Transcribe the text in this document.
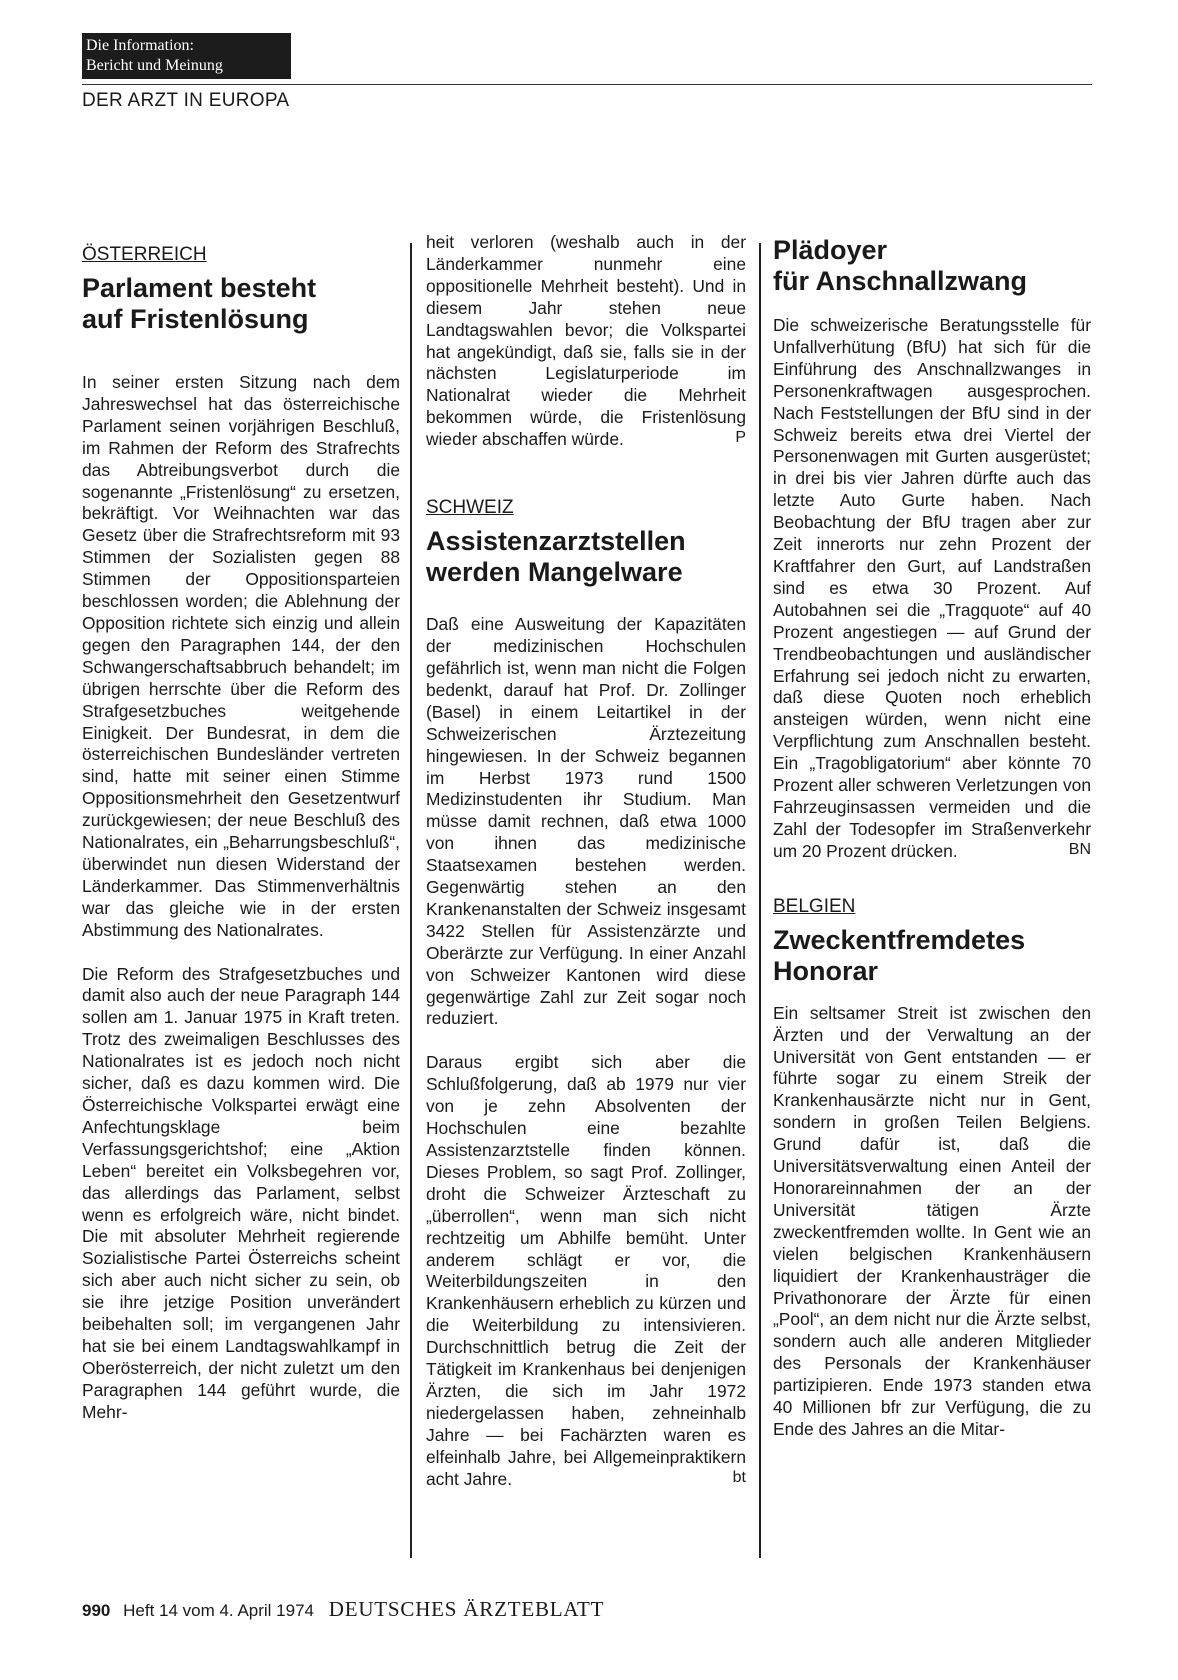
Die Information:
Bericht und Meinung
DER ARZT IN EUROPA
ÖSTERREICH
Parlament besteht
auf Fristenlösung

In seiner ersten Sitzung nach dem Jahreswechsel hat das österreichische Parlament seinen vorjährigen Beschluß, im Rahmen der Reform des Strafrechts das Abtreibungsverbot durch die sogenannte „Fristenlösung“ zu ersetzen, bekräftigt. Vor Weihnachten war das Gesetz über die Strafrechtsreform mit 93 Stimmen der Sozialisten gegen 88 Stimmen der Oppositionsparteien beschlossen worden; die Ablehnung der Opposition richtete sich einzig und allein gegen den Paragraphen 144, der den Schwangerschaftsabbruch behandelt; im übrigen herrschte über die Reform des Strafgesetzbuches weitgehende Einigkeit. Der Bundesrat, in dem die österreichischen Bundesländer vertreten sind, hatte mit seiner einen Stimme Oppositionsmehrheit den Gesetzentwurf zurückgewiesen; der neue Beschluß des Nationalrates, ein „Beharrungsbeschluß“, überwindet nun diesen Widerstand der Länderkammer. Das Stimmenverhältnis war das gleiche wie in der ersten Abstimmung des Nationalrates.

Die Reform des Strafgesetzbuches und damit also auch der neue Paragraph 144 sollen am 1. Januar 1975 in Kraft treten. Trotz des zweimaligen Beschlusses des Nationalrates ist es jedoch noch nicht sicher, daß es dazu kommen wird. Die Österreichische Volkspartei erwägt eine Anfechtungsklage beim Verfassungsgerichtshof; eine „Aktion Leben“ bereitet ein Volksbegehren vor, das allerdings das Parlament, selbst wenn es erfolgreich wäre, nicht bindet. Die mit absoluter Mehrheit regierende Sozialistische Partei Österreichs scheint sich aber auch nicht sicher zu sein, ob sie ihre jetzige Position unverändert beibehalten soll; im vergangenen Jahr hat sie bei einem Landtagswahlkampf in Oberösterreich, der nicht zuletzt um den Paragraphen 144 geführt wurde, die Mehr-

heit verloren (weshalb auch in der Länderkammer nunmehr eine oppositionelle Mehrheit besteht). Und in diesem Jahr stehen neue Landtagswahlen bevor; die Volkspartei hat angekündigt, daß sie, falls sie in der nächsten Legislaturperiode im Nationalrat wieder die Mehrheit bekommen würde, die Fristenlösung wieder abschaffen würde.	P
SCHWEIZ
Assistenzarztstellen
werden Mangelware

Daß eine Ausweitung der Kapazitäten der medizinischen Hochschulen gefährlich ist, wenn man nicht die Folgen bedenkt, darauf hat Prof. Dr. Zollinger (Basel) in einem Leitartikel in der Schweizerischen Ärztezeitung hingewiesen. In der Schweiz begannen im Herbst 1973 rund 1500 Medizinstudenten ihr Studium. Man müsse damit rechnen, daß etwa 1000 von ihnen das medizinische Staatsexamen bestehen werden. Gegenwärtig stehen an den Krankenanstalten der Schweiz insgesamt 3422 Stellen für Assistenzärzte und Oberärzte zur Verfügung. In einer Anzahl von Schweizer Kantonen wird diese gegenwärtige Zahl zur Zeit sogar noch reduziert.

Daraus ergibt sich aber die Schlußfolgerung, daß ab 1979 nur vier von je zehn Absolventen der Hochschulen eine bezahlte Assistenzarztstelle finden können. Dieses Problem, so sagt Prof. Zollinger, droht die Schweizer Ärzteschaft zu „überrollen“, wenn man sich nicht rechtzeitig um Abhilfe bemüht. Unter anderem schlägt er vor, die Weiterbildungszeiten in den Krankenhäusern erheblich zu kürzen und die Weiterbildung zu intensivieren. Durchschnittlich betrug die Zeit der Tätigkeit im Krankenhaus bei denjenigen Ärzten, die sich im Jahr 1972 niedergelassen haben, zehneinhalb Jahre — bei Fachärzten waren es elfeinhalb Jahre, bei Allgemeinpraktikern acht Jahre.	bt
Plädoyer
für Anschnallzwang

Die schweizerische Beratungsstelle für Unfallverhütung (BfU) hat sich für die Einführung des Anschnallzwanges in Personenkraftwagen ausgesprochen. Nach Feststellungen der BfU sind in der Schweiz bereits etwa drei Viertel der Personenwagen mit Gurten ausgerüstet; in drei bis vier Jahren dürfte auch das letzte Auto Gurte haben. Nach Beobachtung der BfU tragen aber zur Zeit innerorts nur zehn Prozent der Kraftfahrer den Gurt, auf Landstraßen sind es etwa 30 Prozent. Auf Autobahnen sei die „Tragquote“ auf 40 Prozent angestiegen — auf Grund der Trendbeobachtungen und ausländischer Erfahrung sei jedoch nicht zu erwarten, daß diese Quoten noch erheblich ansteigen würden, wenn nicht eine Verpflichtung zum Anschnallen besteht. Ein „Tragobligatorium“ aber könnte 70 Prozent aller schweren Verletzungen von Fahrzeuginsassen vermeiden und die Zahl der Todesopfer im Straßenverkehr um 20 Prozent drücken.	BN
BELGIEN
Zweckentfremdetes
Honorar

Ein seltsamer Streit ist zwischen den Ärzten und der Verwaltung an der Universität von Gent entstanden — er führte sogar zu einem Streik der Krankenhausärzte nicht nur in Gent, sondern in großen Teilen Belgiens. Grund dafür ist, daß die Universitätsverwaltung einen Anteil der Honorareinnahmen der an der Universität tätigen Ärzte zweckentfremden wollte. In Gent wie an vielen belgischen Krankenhäusern liquidiert der Krankenhausträger die Privathonorare der Ärzte für einen „Pool“, an dem nicht nur die Ärzte selbst, sondern auch alle anderen Mitglieder des Personals der Krankenhäuser partizipieren. Ende 1973 standen etwa 40 Millionen bfr zur Verfügung, die zu Ende des Jahres an die Mitar-

990 Heft 14 vom 4. April 1974 DEUTSCHES ÄRZTEBLATT
